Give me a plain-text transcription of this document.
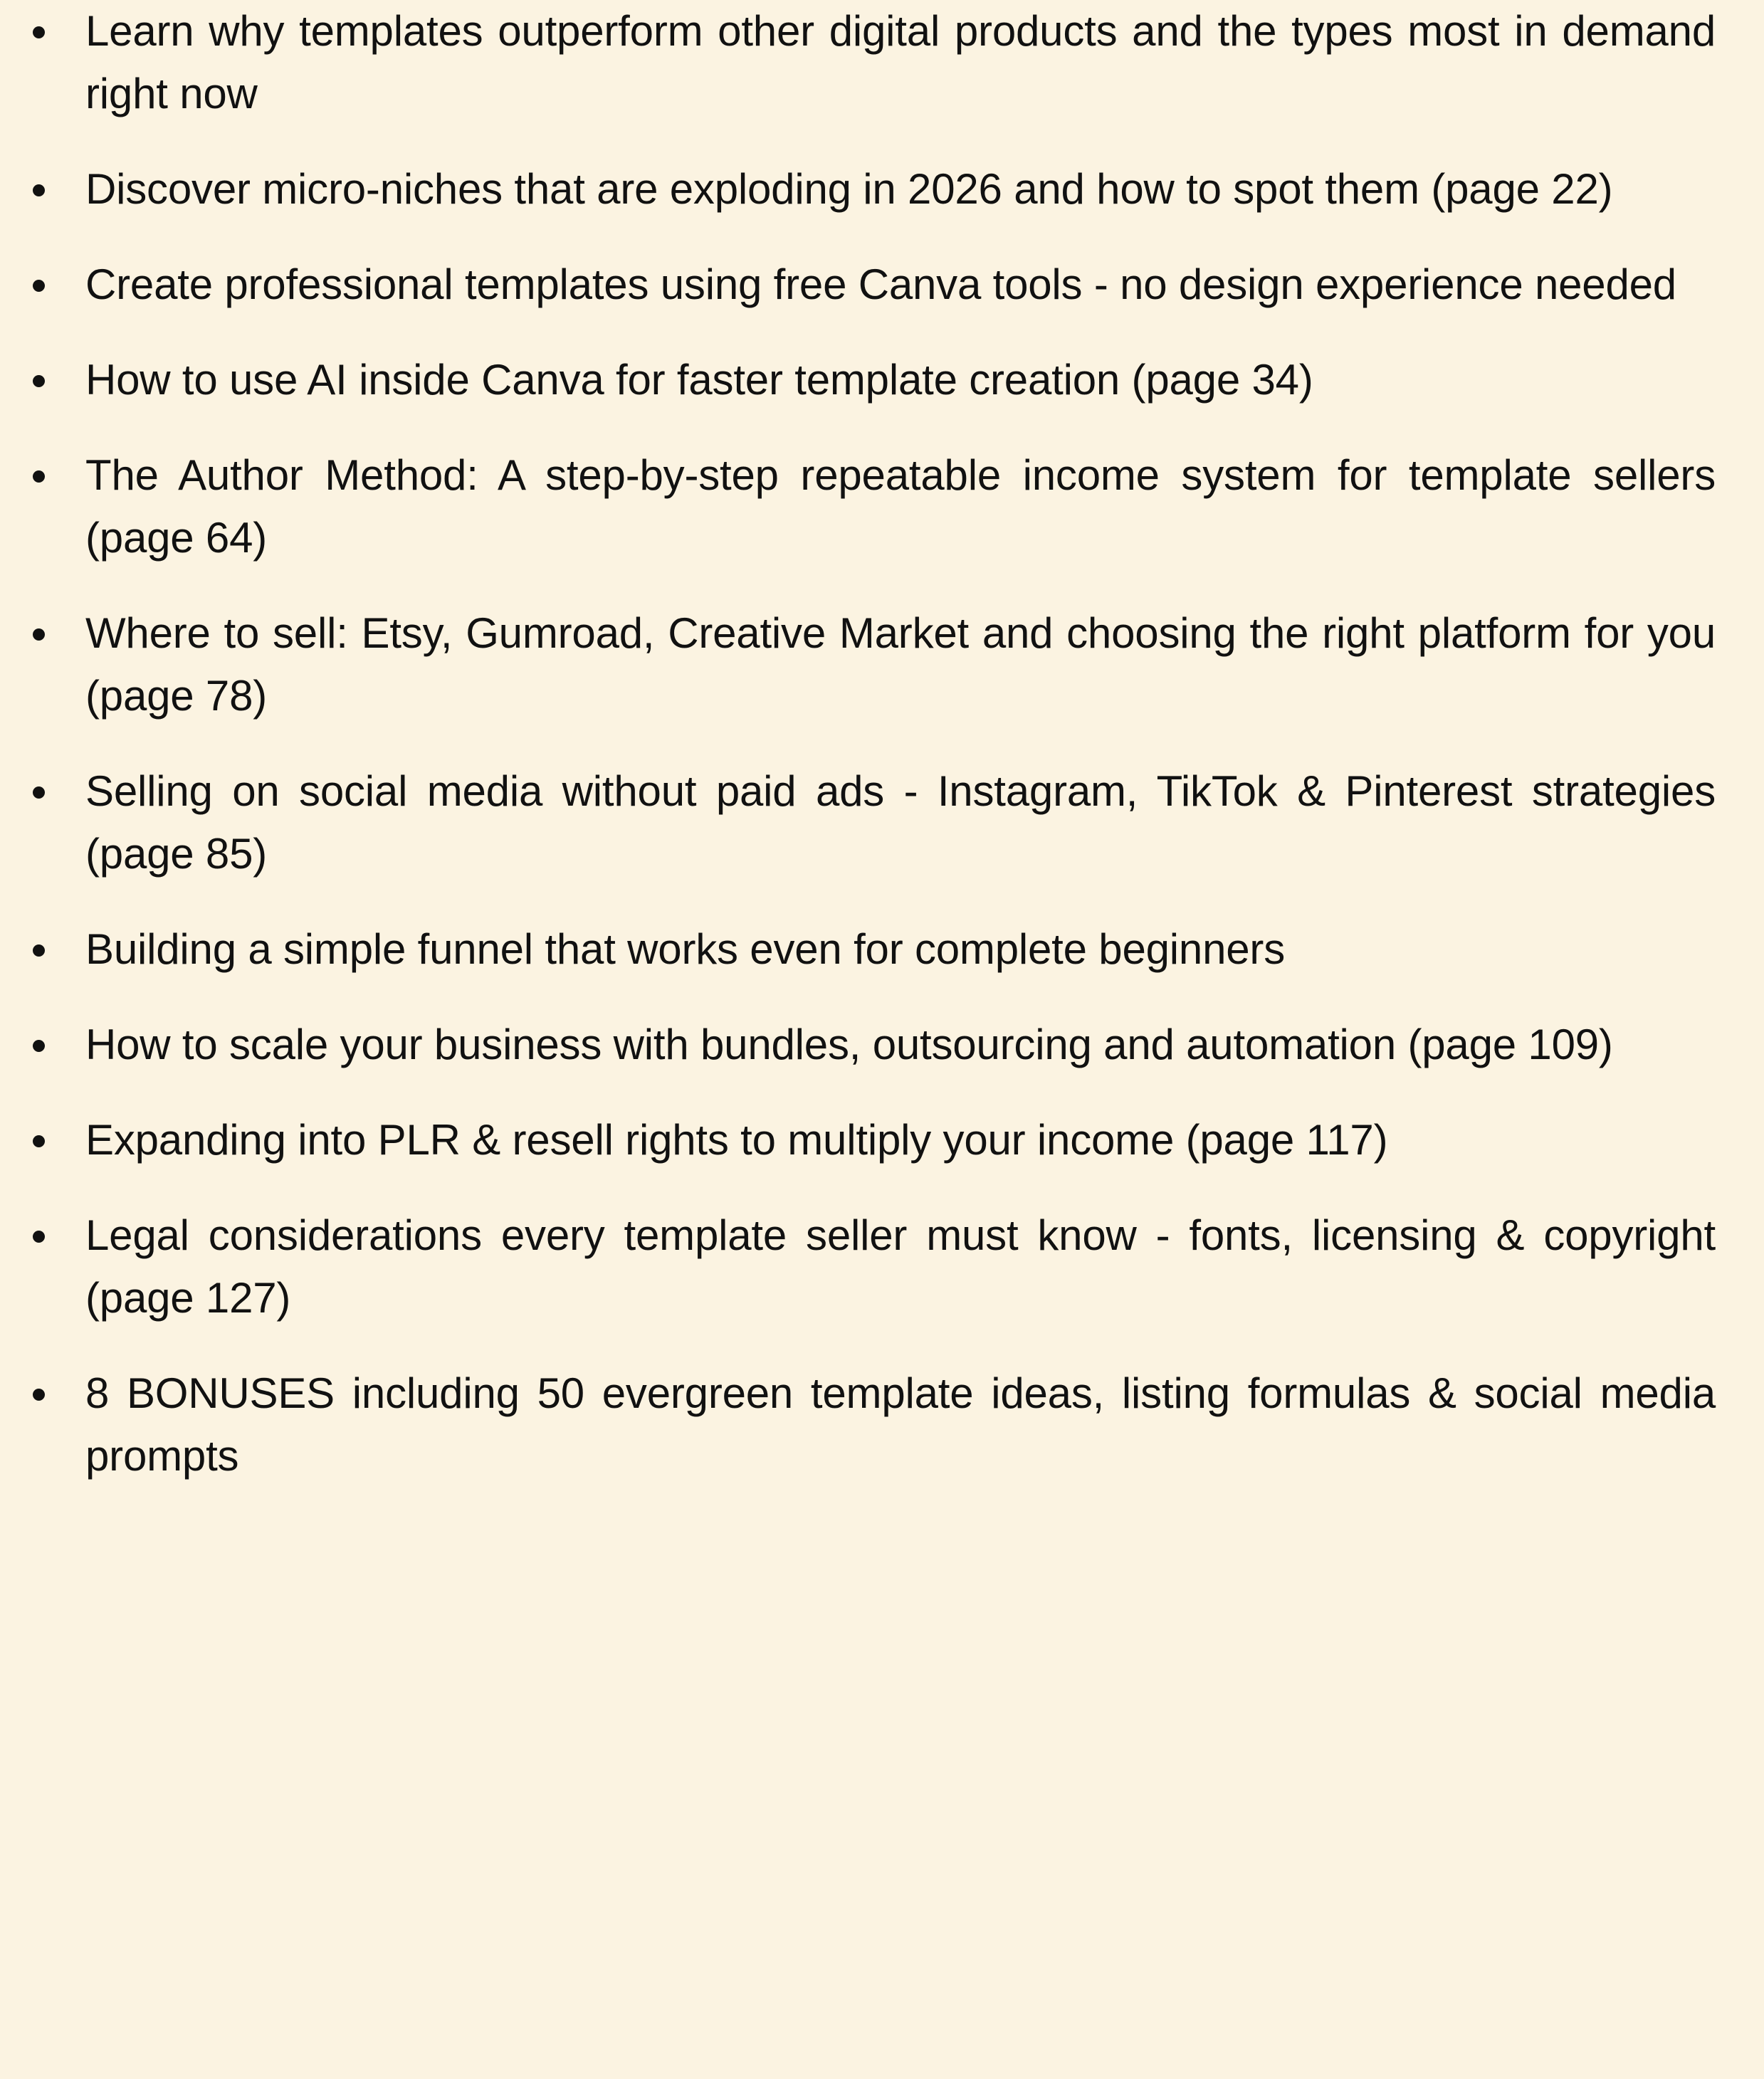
Learn why templates outperform other digital products and the types most in demand right now
Discover micro-niches that are exploding in 2026 and how to spot them (page 22)
Create professional templates using free Canva tools - no design experience needed
How to use AI inside Canva for faster template creation (page 34)
The Author Method: A step-by-step repeatable income system for template sellers (page 64)
Where to sell: Etsy, Gumroad, Creative Market and choosing the right platform for you (page 78)
Selling on social media without paid ads - Instagram, TikTok & Pinterest strategies (page 85)
Building a simple funnel that works even for complete beginners
How to scale your business with bundles, outsourcing and automation (page 109)
Expanding into PLR & resell rights to multiply your income (page 117)
Legal considerations every template seller must know - fonts, licensing & copyright (page 127)
8 BONUSES including 50 evergreen template ideas, listing formulas & social media prompts
